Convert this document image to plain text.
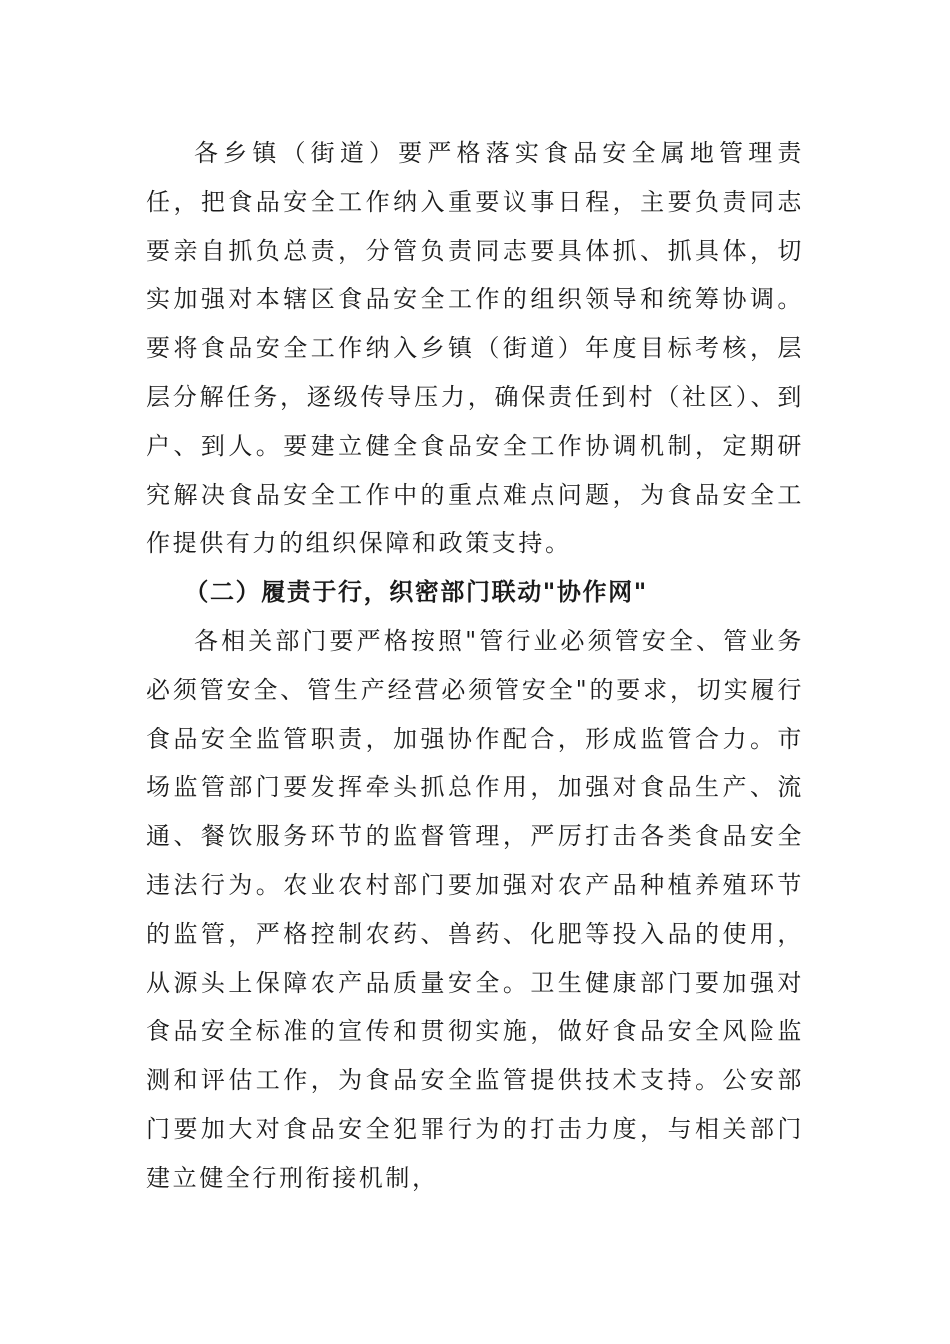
各乡镇（街道）要严格落实食品安全属地管理责任，把食品安全工作纳入重要议事日程，主要负责同志要亲自抓负总责，分管负责同志要具体抓、抓具体，切实加强对本辖区食品安全工作的组织领导和统筹协调。要将食品安全工作纳入乡镇（街道）年度目标考核，层层分解任务，逐级传导压力，确保责任到村（社区）、到户、到人。要建立健全食品安全工作协调机制，定期研究解决食品安全工作中的重点难点问题，为食品安全工作提供有力的组织保障和政策支持。

（二）履责于行，织密部门联动"协作网"

各相关部门要严格按照"管行业必须管安全、管业务必须管安全、管生产经营必须管安全"的要求，切实履行食品安全监管职责，加强协作配合，形成监管合力。市场监管部门要发挥牵头抓总作用，加强对食品生产、流通、餐饮服务环节的监督管理，严厉打击各类食品安全违法行为。农业农村部门要加强对农产品种植养殖环节的监管，严格控制农药、兽药、化肥等投入品的使用，从源头上保障农产品质量安全。卫生健康部门要加强对食品安全标准的宣传和贯彻实施，做好食品安全风险监测和评估工作，为食品安全监管提供技术支持。公安部门要加大对食品安全犯罪行为的打击力度，与相关部门建立健全行刑衔接机制，
